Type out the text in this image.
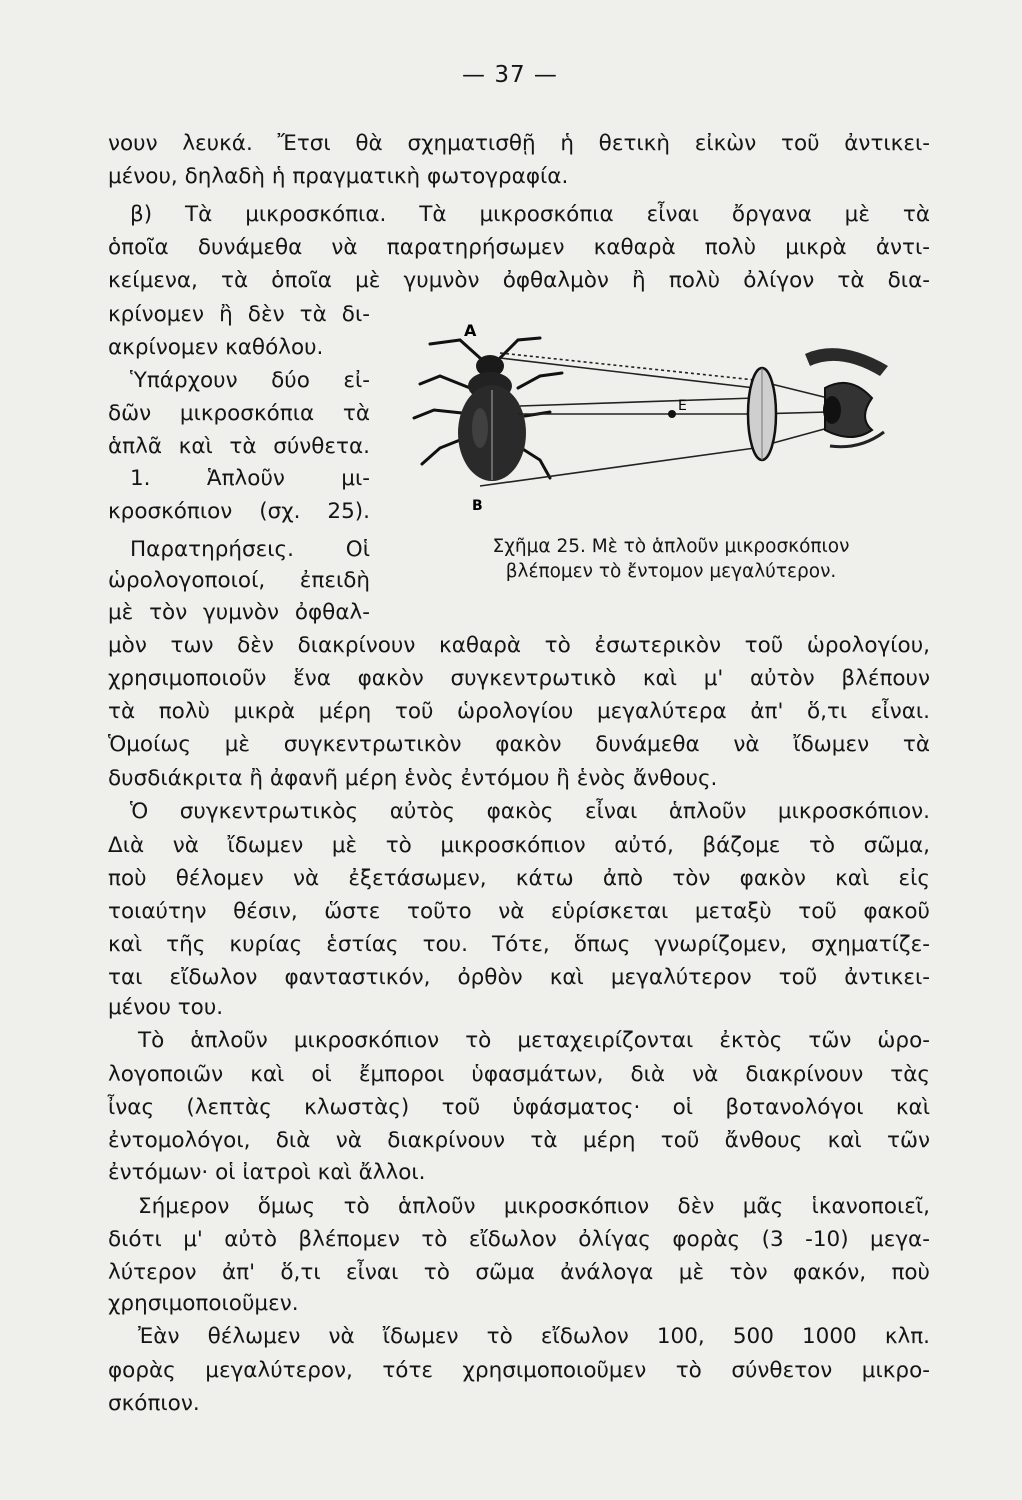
— 37 —
νουν λευκά. Ἔτσι θὰ σχηματισθῇ ἡ θετικὴ εἰκὼν τοῦ ἀντικει-
μένου, δηλαδὴ ἡ πραγματικὴ φωτογραφία.
β) Τὰ μικροσκόπια. Τὰ μικροσκόπια εἶναι ὄργανα μὲ τὰ
ὁποῖα δυνάμεθα νὰ παρατηρήσωμεν καθαρὰ πολὺ μικρὰ ἀντι-
κείμενα, τὰ ὁποῖα μὲ γυμνὸν ὀφθαλμὸν ἢ πολὺ ὀλίγον τὰ δια-
κρίνομεν ἢ δὲν τὰ δι-
ακρίνομεν καθόλου.
Ὑπάρχουν δύο εἰ-
δῶν μικροσκόπια τὰ
ἁπλᾶ καὶ τὰ σύνθετα.
1. Ἁπλοῦν μι-
κροσκόπιον (σχ. 25).
Παρατηρήσεις. Οἱ
ὡρολογοποιοί, ἐπειδὴ
μὲ τὸν γυμνὸν ὀφθαλ-
μὸν των δὲν διακρίνουν καθαρὰ τὸ ἐσωτερικὸν τοῦ ὡρολογίου,
χρησιμοποιοῦν ἕνα φακὸν συγκεντρωτικὸ καὶ μ' αὐτὸν βλέπουν
τὰ πολὺ μικρὰ μέρη τοῦ ὡρολογίου μεγαλύτερα ἀπ' ὅ,τι εἶναι.
Ὁμοίως μὲ συγκεντρωτικὸν φακὸν δυνάμεθα νὰ ἴδωμεν τὰ
δυσδιάκριτα ἢ ἀφανῆ μέρη ἑνὸς ἐντόμου ἢ ἑνὸς ἄνθους.
Ὁ συγκεντρωτικὸς αὐτὸς φακὸς εἶναι ἁπλοῦν μικροσκόπιον.
Διὰ νὰ ἴδωμεν μὲ τὸ μικροσκόπιον αὐτό, βάζομε τὸ σῶμα,
ποὺ θέλομεν νὰ ἐξετάσωμεν, κάτω ἀπὸ τὸν φακὸν καὶ εἰς
τοιαύτην θέσιν, ὥστε τοῦτο νὰ εὑρίσκεται μεταξὺ τοῦ φακοῦ
καὶ τῆς κυρίας ἑστίας του. Τότε, ὅπως γνωρίζομεν, σχηματίζε-
ται εἴδωλον φανταστικόν, ὀρθὸν καὶ μεγαλύτερον τοῦ ἀντικει-
μένου του.
Τὸ ἁπλοῦν μικροσκόπιον τὸ μεταχειρίζονται ἐκτὸς τῶν ὡρο-
λογοποιῶν καὶ οἱ ἔμποροι ὑφασμάτων, διὰ νὰ διακρίνουν τὰς
ἶνας (λεπτὰς κλωστὰς) τοῦ ὑφάσματος· οἱ βοτανολόγοι καὶ
ἐντομολόγοι, διὰ νὰ διακρίνουν τὰ μέρη τοῦ ἄνθους καὶ τῶν
ἐντόμων· οἱ ἰατροὶ καὶ ἄλλοι.
Σήμερον ὅμως τὸ ἁπλοῦν μικροσκόπιον δὲν μᾶς ἱκανοποιεῖ,
διότι μ' αὐτὸ βλέπομεν τὸ εἴδωλον ὀλίγας φορὰς (3 -10) μεγα-
λύτερον ἀπ' ὅ,τι εἶναι τὸ σῶμα ἀνάλογα μὲ τὸν φακόν, ποὺ
χρησιμοποιοῦμεν.
Ἐὰν θέλωμεν νὰ ἴδωμεν τὸ εἴδωλον 100, 500 1000 κλπ.
φορὰς μεγαλύτερον, τότε χρησιμοποιοῦμεν τὸ σύνθετον μικρο-
σκόπιον.
A
B
E
Σχῆμα 25. Μὲ τὸ ἁπλοῦν μικροσκόπιον
βλέπομεν τὸ ἔντομον μεγαλύτερον.
